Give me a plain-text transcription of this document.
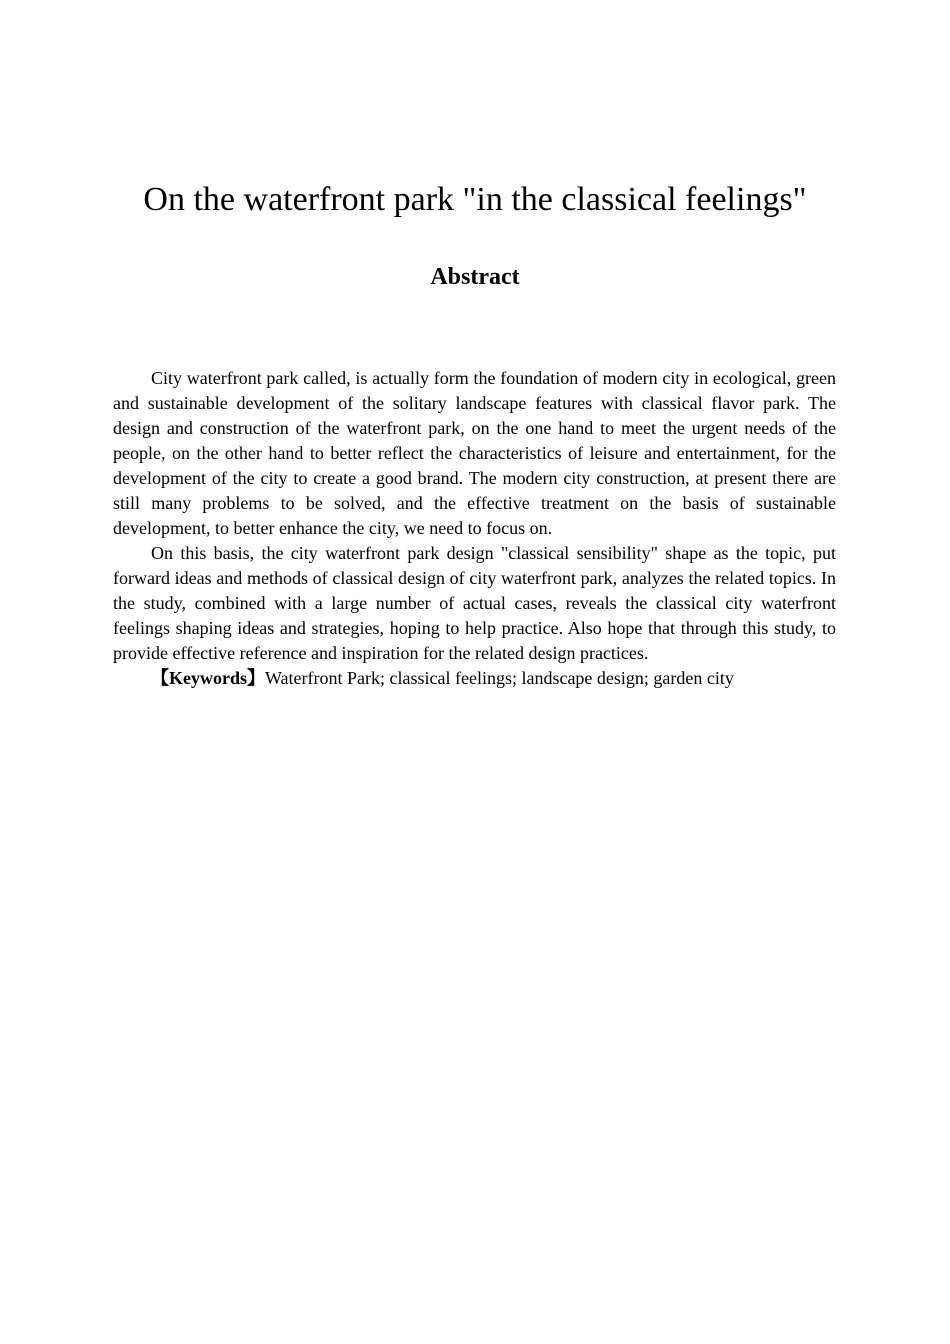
On the waterfront park "in the classical feelings"
Abstract

City waterfront park called, is actually form the foundation of modern city in ecological, green and sustainable development of the solitary landscape features with classical flavor park. The design and construction of the waterfront park, on the one hand to meet the urgent needs of the people, on the other hand to better reflect the characteristics of leisure and entertainment, for the development of the city to create a good brand. The modern city construction, at present there are still many problems to be solved, and the effective treatment on the basis of sustainable development, to better enhance the city, we need to focus on.

On this basis, the city waterfront park design "classical sensibility" shape as the topic, put forward ideas and methods of classical design of city waterfront park, analyzes the related topics. In the study, combined with a large number of actual cases, reveals the classical city waterfront feelings shaping ideas and strategies, hoping to help practice. Also hope that through this study, to provide effective reference and inspiration for the related design practices.

【Keywords】Waterfront Park; classical feelings; landscape design; garden city
